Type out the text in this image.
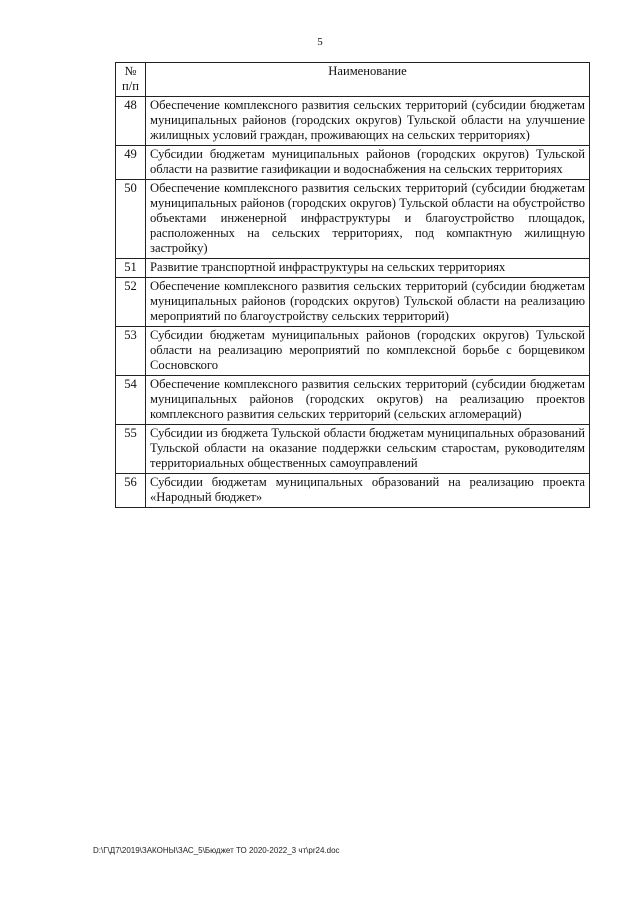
5
№
п/п	Наименование
48	Обеспечение комплексного развития сельских территорий (субсидии бюджетам муниципальных районов (городских округов) Тульской области на улучшение жилищных условий граждан, проживающих на сельских территориях)
49	Субсидии бюджетам муниципальных районов (городских округов) Тульской области на развитие газификации и водоснабжения на сельских территориях
50	Обеспечение комплексного развития сельских территорий (субсидии бюджетам муниципальных районов (городских округов) Тульской области на обустройство объектами инженерной инфраструктуры и благоустройство площадок, расположенных на сельских территориях, под компактную жилищную застройку)
51	Развитие транспортной инфраструктуры на сельских территориях
52	Обеспечение комплексного развития сельских территорий (субсидии бюджетам муниципальных районов (городских округов) Тульской области на реализацию мероприятий по благоустройству сельских территорий)
53	Субсидии бюджетам муниципальных районов (городских округов) Тульской области на реализацию мероприятий по комплексной борьбе с борщевиком Сосновского
54	Обеспечение комплексного развития сельских территорий (субсидии бюджетам муниципальных районов (городских округов) на реализацию проектов комплексного развития сельских территорий (сельских агломераций)
55	Субсидии из бюджета Тульской области бюджетам муниципальных образований Тульской области на оказание поддержки сельским старостам, руководителям территориальных общественных самоуправлений
56	Субсидии бюджетам муниципальных образований на реализацию проекта «Народный бюджет»
D:\Г\Д7\2019\ЗАКОНЫ\ЗАС_5\Бюджет ТО 2020-2022_3 чт\рr24.doc
